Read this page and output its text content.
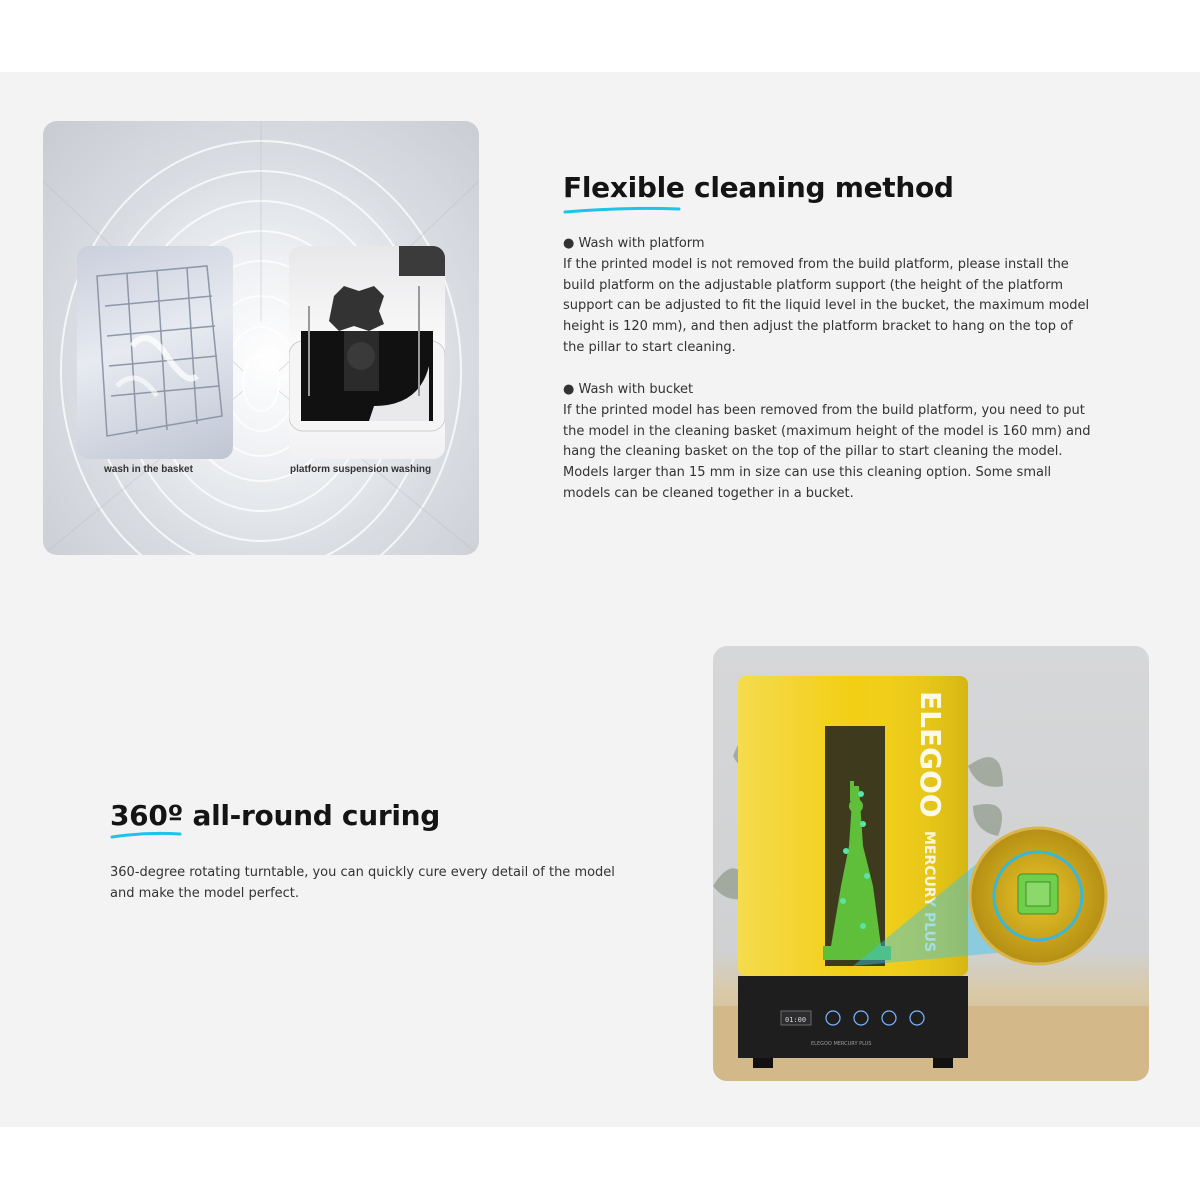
wash in the basket	platform suspension washing
Flexible cleaning method
● Wash with platform
If the printed model is not removed from the build platform, please install the build platform on the adjustable platform support (the height of the platform support can be adjusted to fit the liquid level in the bucket, the maximum model height is 120 mm), and then adjust the platform bracket to hang on the top of the pillar to start cleaning.
● Wash with bucket
If the printed model has been removed from the build platform, you need to put the model in the cleaning basket (maximum height of the model is 160 mm) and hang the cleaning basket on the top of the pillar to start cleaning the model. Models larger than 15 mm in size can use this cleaning option. Some small models can be cleaned together in a bucket.
360º all-round curing

360-degree rotating turntable, you can quickly cure every detail of the model and make the model perfect.

ELEGOO
MERCURY PLUS
01:00
ELEGOO MERCURY PLUS
